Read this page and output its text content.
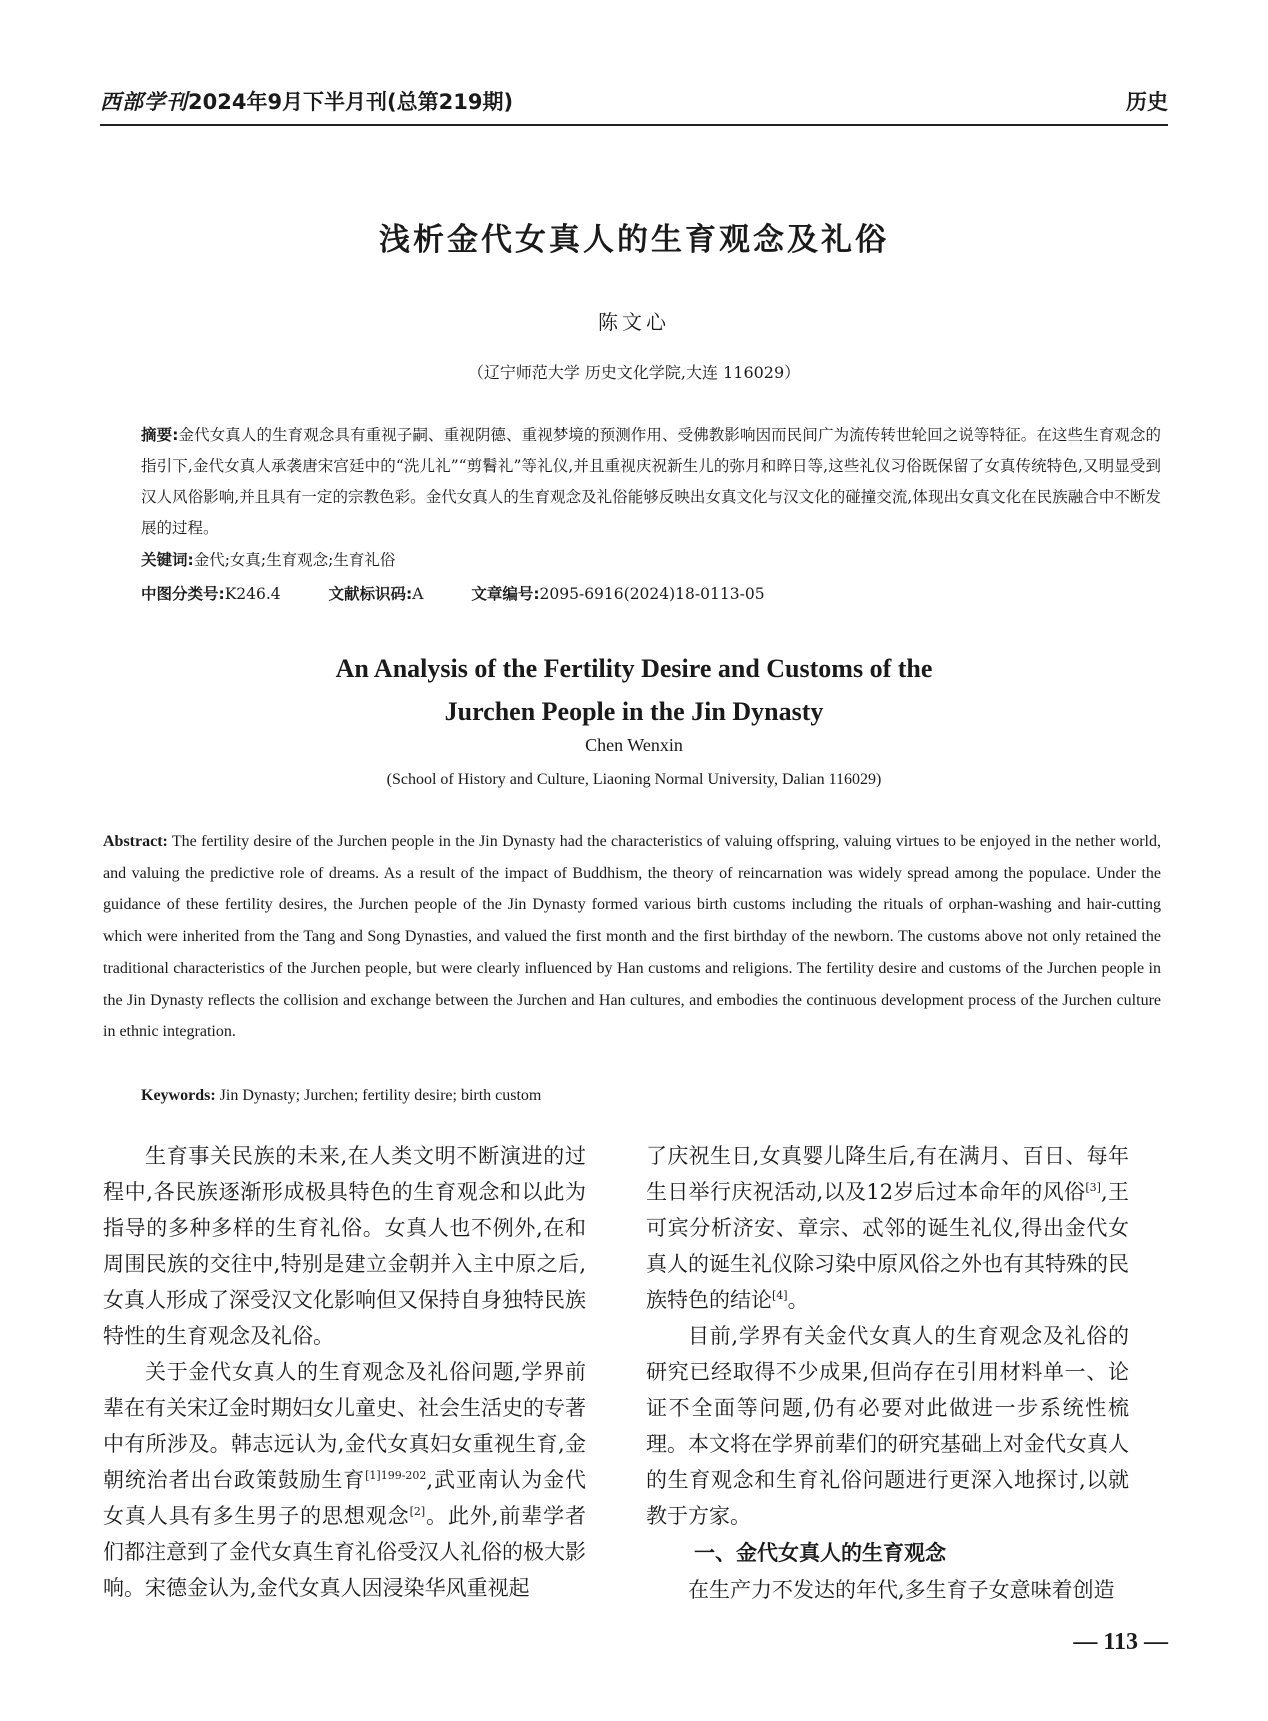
西部学刊2024年9月下半月刊(总第219期)	历史
浅析金代女真人的生育观念及礼俗
陈文心
（辽宁师范大学 历史文化学院,大连 116029）
摘要:金代女真人的生育观念具有重视子嗣、重视阴德、重视梦境的预测作用、受佛教影响因而民间广为流传转世轮回之说等特征。在这些生育观念的指引下,金代女真人承袭唐宋宫廷中的“洗儿礼”“剪鬌礼”等礼仪,并且重视庆祝新生儿的弥月和晬日等,这些礼仪习俗既保留了女真传统特色,又明显受到汉人风俗影响,并且具有一定的宗教色彩。金代女真人的生育观念及礼俗能够反映出女真文化与汉文化的碰撞交流,体现出女真文化在民族融合中不断发展的过程。
关键词:金代;女真;生育观念;生育礼俗
中图分类号:K246.4	文献标识码:A	文章编号:2095-6916(2024)18-0113-05
An Analysis of the Fertility Desire and Customs of the
Jurchen People in the Jin Dynasty
Chen Wenxin
(School of History and Culture, Liaoning Normal University, Dalian 116029)
Abstract: The fertility desire of the Jurchen people in the Jin Dynasty had the characteristics of valuing offspring, valuing virtues to be enjoyed in the nether world, and valuing the predictive role of dreams. As a result of the impact of Buddhism, the theory of reincarnation was widely spread among the populace. Under the guidance of these fertility desires, the Jurchen people of the Jin Dynasty formed various birth customs including the rituals of orphan-washing and hair-cutting which were inherited from the Tang and Song Dynasties, and valued the first month and the first birthday of the newborn. The customs above not only retained the traditional characteristics of the Jurchen people, but were clearly influenced by Han customs and religions. The fertility desire and customs of the Jurchen people in the Jin Dynasty reflects the collision and exchange between the Jurchen and Han cultures, and embodies the continuous development process of the Jurchen culture in ethnic integration.
Keywords: Jin Dynasty; Jurchen; fertility desire; birth custom

生育事关民族的未来,在人类文明不断演进的过程中,各民族逐渐形成极具特色的生育观念和以此为指导的多种多样的生育礼俗。女真人也不例外,在和周围民族的交往中,特别是建立金朝并入主中原之后,女真人形成了深受汉文化影响但又保持自身独特民族特性的生育观念及礼俗。

关于金代女真人的生育观念及礼俗问题,学界前辈在有关宋辽金时期妇女儿童史、社会生活史的专著中有所涉及。韩志远认为,金代女真妇女重视生育,金朝统治者出台政策鼓励生育$^{[1]199-202}$,武亚南认为金代女真人具有多生男子的思想观念[2]。此外,前辈学者们都注意到了金代女真生育礼俗受汉人礼俗的极大影响。宋德金认为,金代女真人因浸染华风重视起

了庆祝生日,女真婴儿降生后,有在满月、百日、每年生日举行庆祝活动,以及12岁后过本命年的风俗[3],王可宾分析济安、章宗、忒邻的诞生礼仪,得出金代女真人的诞生礼仪除习染中原风俗之外也有其特殊的民族特色的结论[4]。

目前,学界有关金代女真人的生育观念及礼俗的研究已经取得不少成果,但尚存在引用材料单一、论证不全面等问题,仍有必要对此做进一步系统性梳理。本文将在学界前辈们的研究基础上对金代女真人的生育观念和生育礼俗问题进行更深入地探讨,以就教于方家。

一、金代女真人的生育观念

在生产力不发达的年代,多生育子女意味着创造

— 113 —
